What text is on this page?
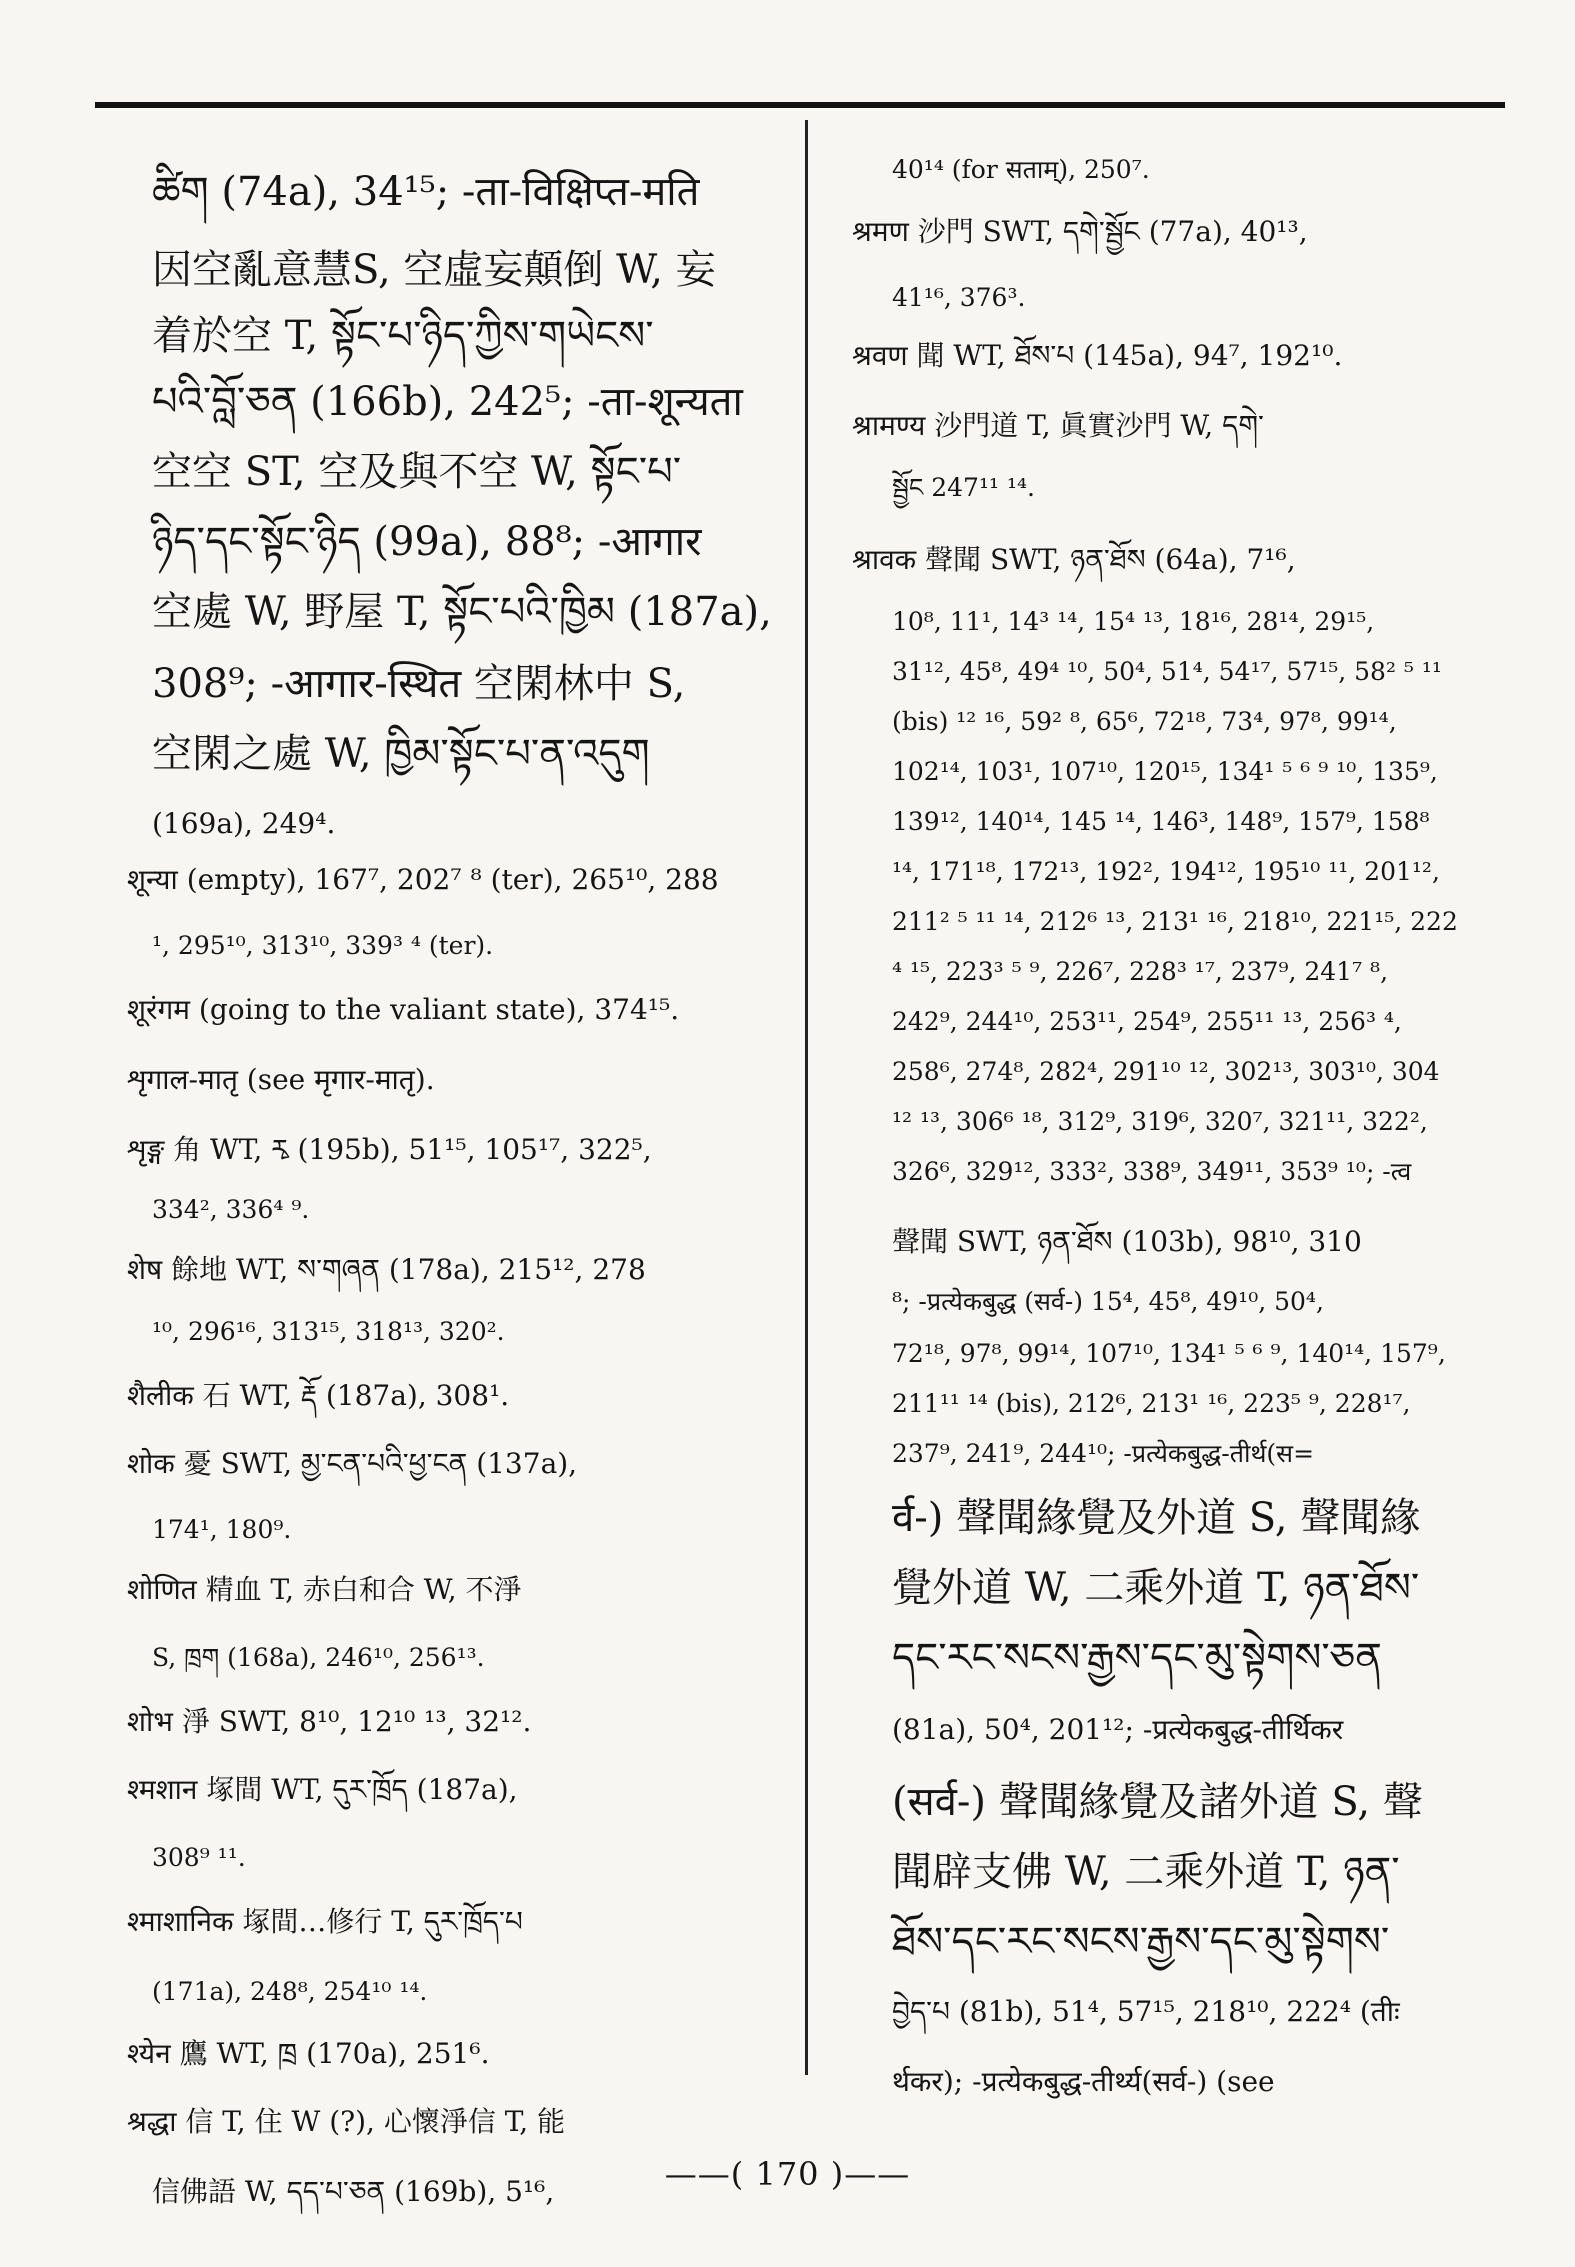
ཚིག (74a), 34¹⁵; -ता-विक्षिप्त-मति
因空亂意慧S, 空虛妄顛倒 W, 妄
着於空 T, སྟོང་པ་ཉིད་ཀྱིས་གཡེངས་
པའི་བློ་ཅན (166b), 242⁵; -ता-शून्यता
空空 ST, 空及與不空 W, སྟོང་པ་
ཉིད་དང་སྟོང་ཉིད (99a), 88⁸; -आगार
空處 W, 野屋 T, སྟོང་པའི་ཁྱིམ (187a),
308⁹; -आगार-स्थित 空閑林中 S,
空閑之處 W, ཁྱིམ་སྟོང་པ་ན་འདུག
(169a), 249⁴.
शून्या (empty), 167⁷, 202⁷ ⁸ (ter), 265¹⁰, 288
¹, 295¹⁰, 313¹⁰, 339³ ⁴ (ter).
शूरंगम (going to the valiant state), 374¹⁵.
शृगाल-मातृ (see मृगार-मातृ).
शृङ्ग 角 WT, རྭ (195b), 51¹⁵, 105¹⁷, 322⁵,
334², 336⁴ ⁹.
शेष 餘地 WT, ས་གཞན (178a), 215¹², 278
¹⁰, 296¹⁶, 313¹⁵, 318¹³, 320².
शैलीक 石 WT, རྡོ (187a), 308¹.
शोक 憂 SWT, མྱ་ངན་པའི་ཕྱ་ངན (137a),
174¹, 180⁹.
शोणित 精血 T, 赤白和合 W, 不淨
S, ཁྲག (168a), 246¹⁰, 256¹³.
शोभ 淨 SWT, 8¹⁰, 12¹⁰ ¹³, 32¹².
श्मशान 塚間 WT, དུར་ཁྲོད (187a),
308⁹ ¹¹.
श्माशानिक 塚間…修行 T, དུར་ཁྲོད་པ
(171a), 248⁸, 254¹⁰ ¹⁴.
श्येन 鷹 WT, ཁྲ (170a), 251⁶.
श्रद्धा 信 T, 住 W (?), 心懷淨信 T, 能
信佛語 W, དད་པ་ཅན (169b), 5¹⁶,
40¹⁴ (for सताम्), 250⁷.
श्रमण 沙門 SWT, དགེ་སྦྱོང (77a), 40¹³,
41¹⁶, 376³.
श्रवण 聞 WT, ཐོས་པ (145a), 94⁷, 192¹⁰.
श्रामण्य 沙門道 T, 眞實沙門 W, དགེ་
སྦྱོང 247¹¹ ¹⁴.
श्रावक 聲聞 SWT, ཉན་ཐོས (64a), 7¹⁶,
10⁸, 11¹, 14³ ¹⁴, 15⁴ ¹³, 18¹⁶, 28¹⁴, 29¹⁵,
31¹², 45⁸, 49⁴ ¹⁰, 50⁴, 51⁴, 54¹⁷, 57¹⁵, 58² ⁵ ¹¹
(bis) ¹² ¹⁶, 59² ⁸, 65⁶, 72¹⁸, 73⁴, 97⁸, 99¹⁴,
102¹⁴, 103¹, 107¹⁰, 120¹⁵, 134¹ ⁵ ⁶ ⁹ ¹⁰, 135⁹,
139¹², 140¹⁴, 145 ¹⁴, 146³, 148⁹, 157⁹, 158⁸
¹⁴, 171¹⁸, 172¹³, 192², 194¹², 195¹⁰ ¹¹, 201¹²,
211² ⁵ ¹¹ ¹⁴, 212⁶ ¹³, 213¹ ¹⁶, 218¹⁰, 221¹⁵, 222
⁴ ¹⁵, 223³ ⁵ ⁹, 226⁷, 228³ ¹⁷, 237⁹, 241⁷ ⁸,
242⁹, 244¹⁰, 253¹¹, 254⁹, 255¹¹ ¹³, 256³ ⁴,
258⁶, 274⁸, 282⁴, 291¹⁰ ¹², 302¹³, 303¹⁰, 304
¹² ¹³, 306⁶ ¹⁸, 312⁹, 319⁶, 320⁷, 321¹¹, 322²,
326⁶, 329¹², 333², 338⁹, 349¹¹, 353⁹ ¹⁰; -त्व
聲聞 SWT, ཉན་ཐོས (103b), 98¹⁰, 310
⁸; -प्रत्येकबुद्ध (सर्व-) 15⁴, 45⁸, 49¹⁰, 50⁴,
72¹⁸, 97⁸, 99¹⁴, 107¹⁰, 134¹ ⁵ ⁶ ⁹, 140¹⁴, 157⁹,
211¹¹ ¹⁴ (bis), 212⁶, 213¹ ¹⁶, 223⁵ ⁹, 228¹⁷,
237⁹, 241⁹, 244¹⁰; -प्रत्येकबुद्ध-तीर्थ(स=
र्व-) 聲聞緣覺及外道 S, 聲聞緣
覺外道 W, 二乘外道 T, ཉན་ཐོས་
དང་རང་སངས་རྒྱས་དང་མུ་སྟེགས་ཅན
(81a), 50⁴, 201¹²; -प्रत्येकबुद्ध-तीर्थिकर
(सर्व-) 聲聞緣覺及諸外道 S, 聲
聞辟支佛 W, 二乘外道 T, ཉན་
ཐོས་དང་རང་སངས་རྒྱས་དང་མུ་སྟེགས་
བྱེད་པ (81b), 51⁴, 57¹⁵, 218¹⁰, 222⁴ (तीः
र्थकर); -प्रत्येकबुद्ध-तीर्थ्य(सर्व-) (see
——( 170 )——
